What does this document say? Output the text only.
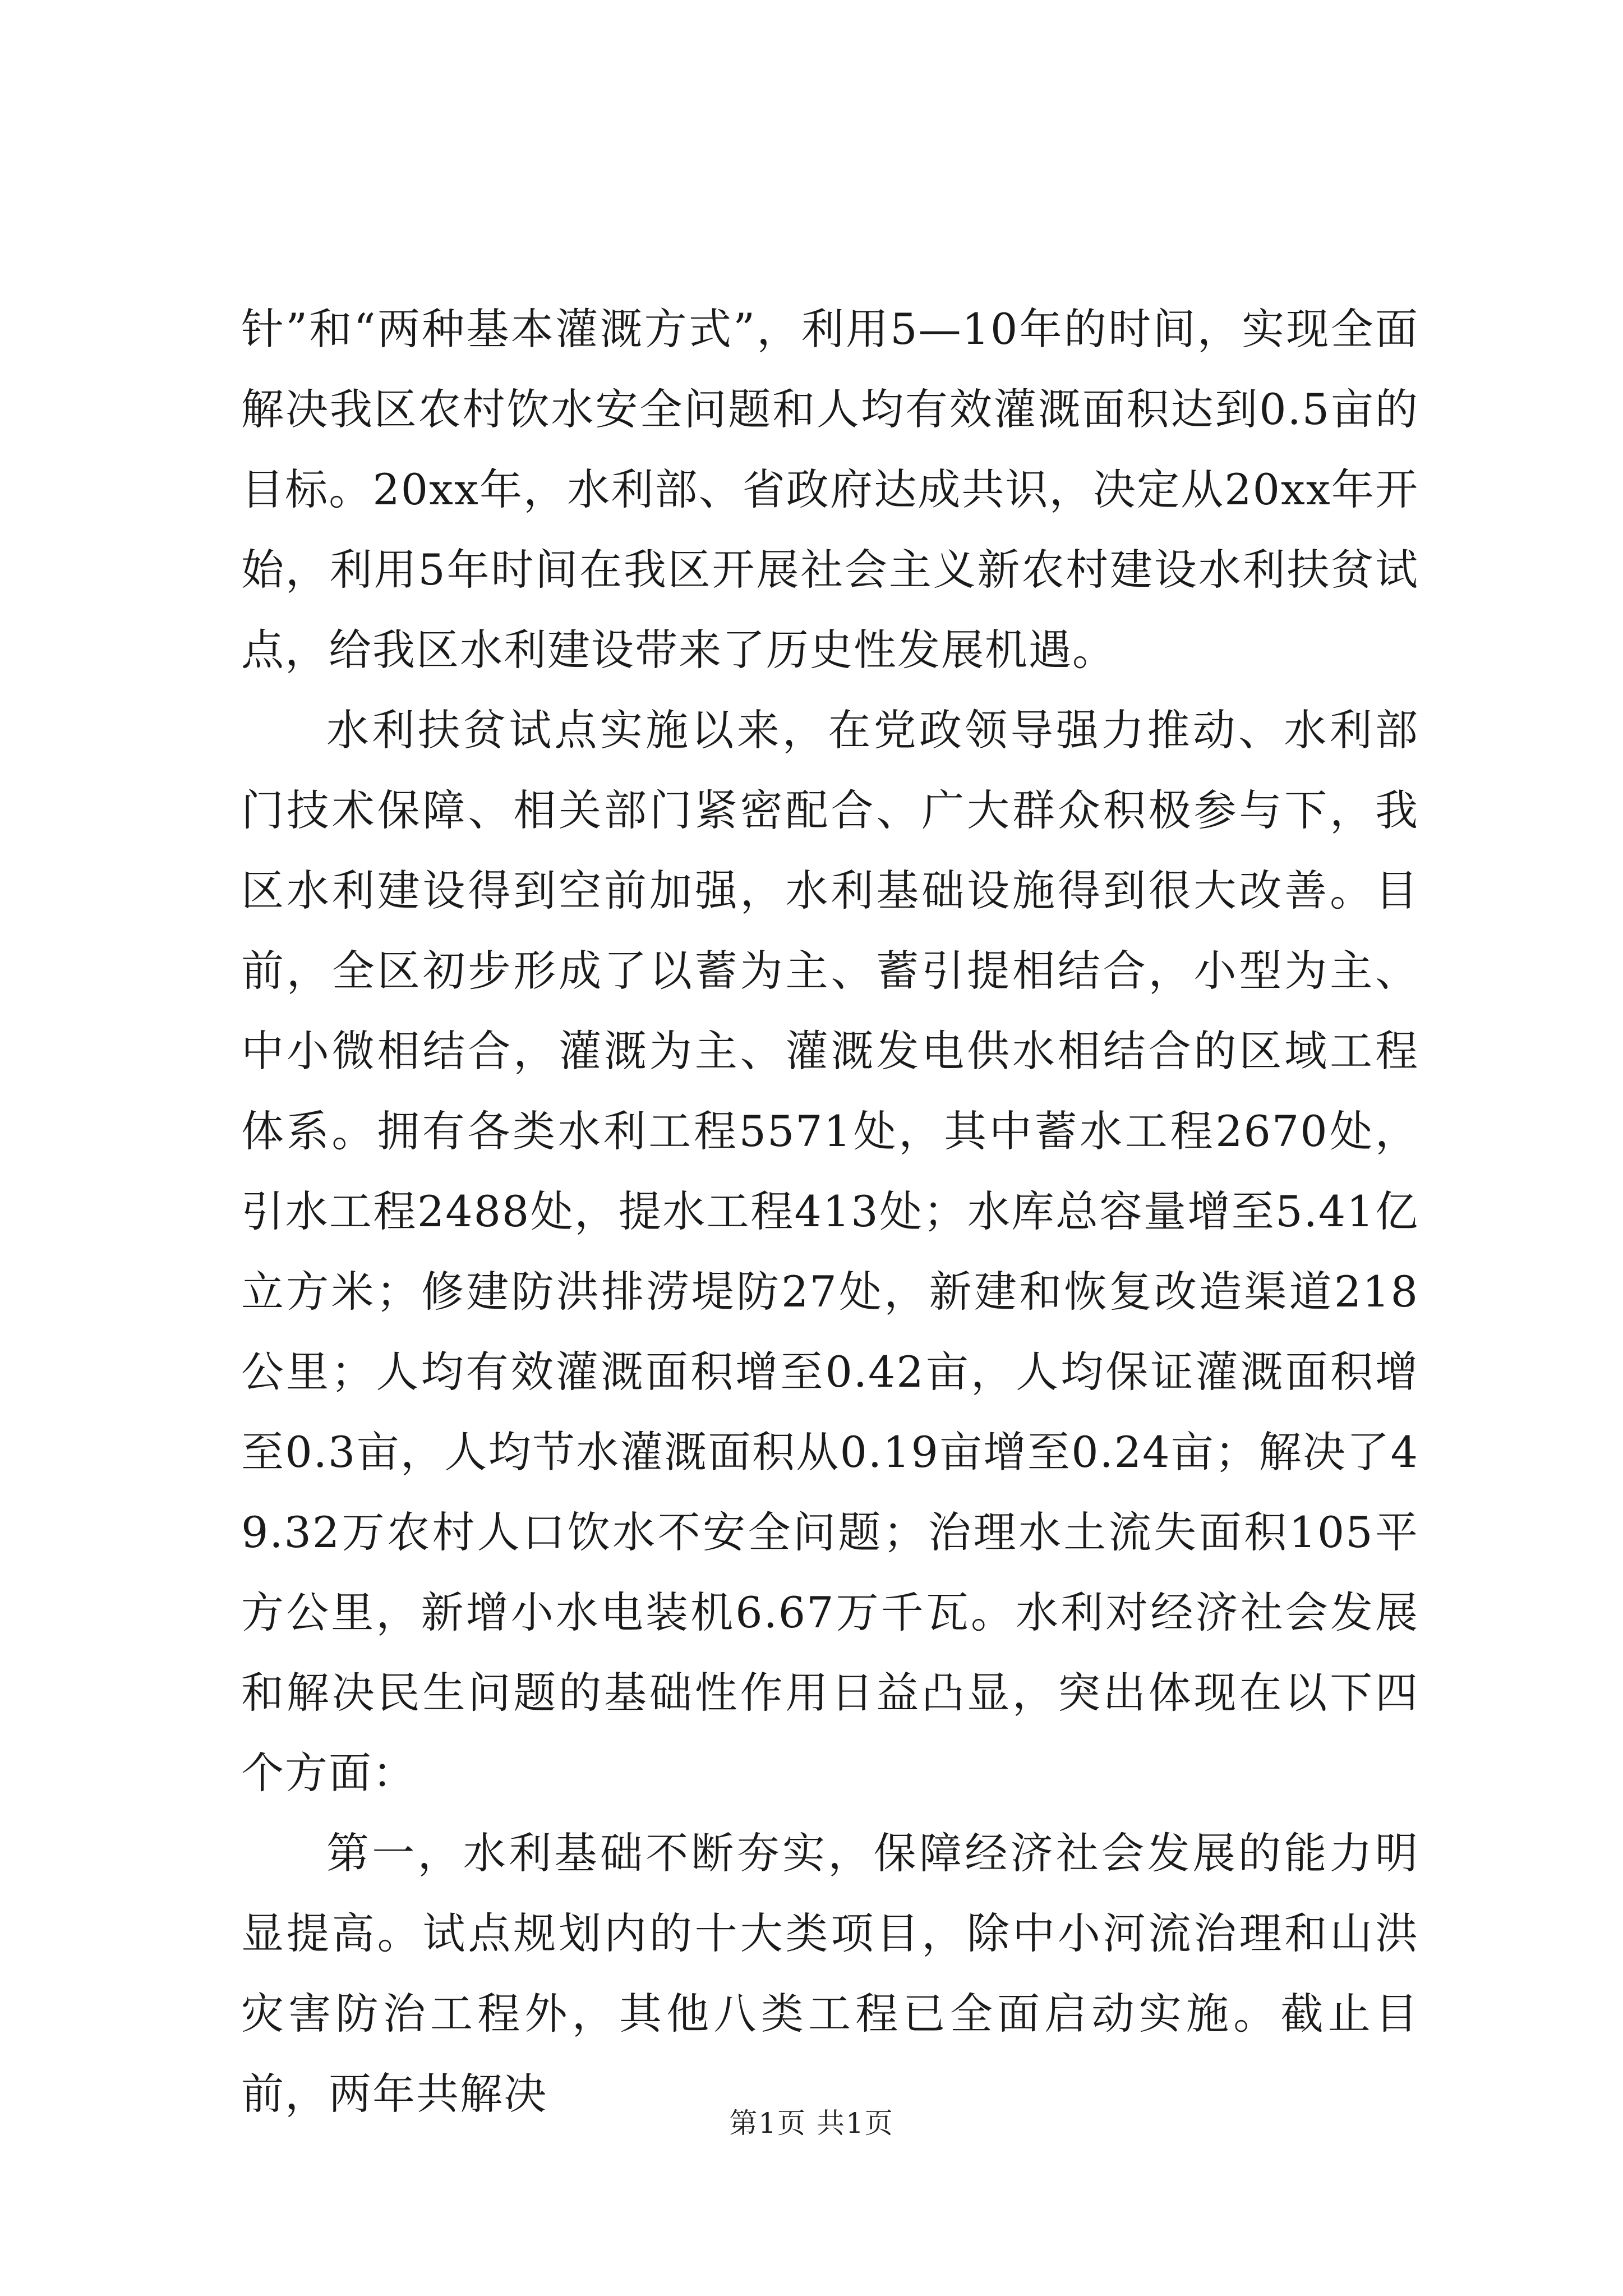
针”和“两种基本灌溉方式”，利用5—10年的时间，实现全面解决我区农村饮水安全问题和人均有效灌溉面积达到0.5亩的目标。20xx年，水利部、省政府达成共识，决定从20xx年开始，利用5年时间在我区开展社会主义新农村建设水利扶贫试点，给我区水利建设带来了历史性发展机遇。

水利扶贫试点实施以来，在党政领导强力推动、水利部门技术保障、相关部门紧密配合、广大群众积极参与下，我区水利建设得到空前加强，水利基础设施得到很大改善。目前，全区初步形成了以蓄为主、蓄引提相结合，小型为主、中小微相结合，灌溉为主、灌溉发电供水相结合的区域工程体系。拥有各类水利工程5571处，其中蓄水工程2670处，引水工程2488处，提水工程413处；水库总容量增至5.41亿立方米；修建防洪排涝堤防27处，新建和恢复改造渠道218公里；人均有效灌溉面积增至0.42亩，人均保证灌溉面积增至0.3亩，人均节水灌溉面积从0.19亩增至0.24亩；解决了49.32万农村人口饮水不安全问题；治理水土流失面积105平方公里，新增小水电装机6.67万千瓦。水利对经济社会发展和解决民生问题的基础性作用日益凸显，突出体现在以下四个方面：

第一，水利基础不断夯实，保障经济社会发展的能力明显提高。试点规划内的十大类项目，除中小河流治理和山洪灾害防治工程外，其他八类工程已全面启动实施。截止目前，两年共解决

第1页 共1页
